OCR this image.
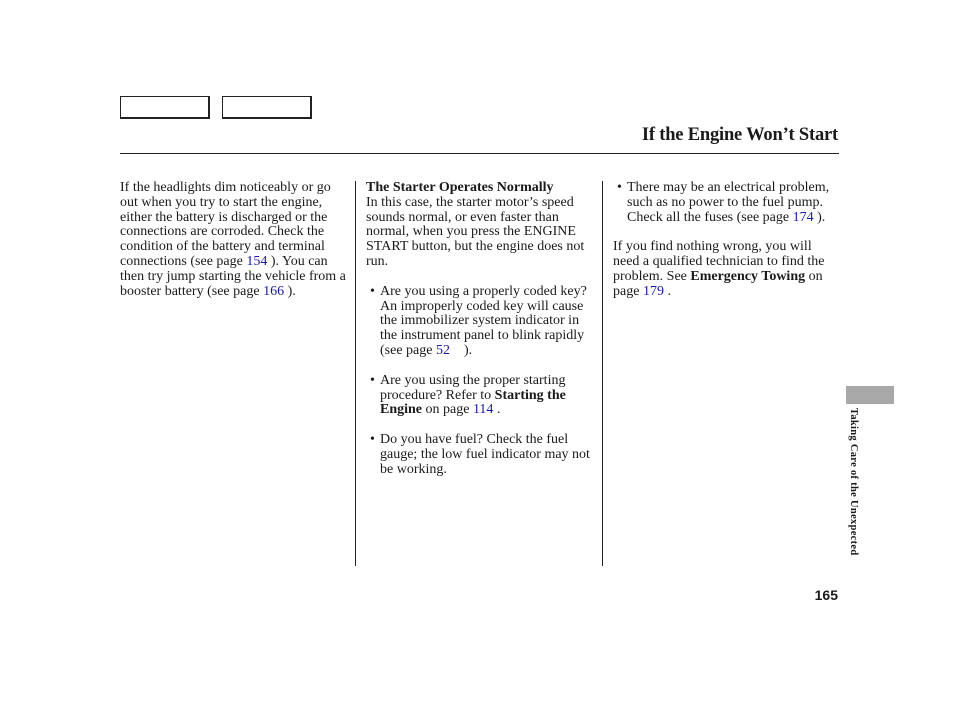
If the Engine Won’t Start

If the headlights dim noticeably or go out when you try to start the engine, either the battery is discharged or the connections are corroded. Check the condition of the battery and terminal connections (see page 154 ). You can then try jump starting the vehicle from a booster battery (see page 166 ).

The Starter Operates Normally

In this case, the starter motor’s speed sounds normal, or even faster than normal, when you press the ENGINE START button, but the engine does not run.

• Are you using a properly coded key? An improperly coded key will cause the immobilizer system indicator in the instrument panel to blink rapidly (see page 52    ).

• Are you using the proper starting procedure? Refer to Starting the Engine on page 114 .

• Do you have fuel? Check the fuel gauge; the low fuel indicator may not be working.

• There may be an electrical problem, such as no power to the fuel pump. Check all the fuses (see page 174 ).

If you find nothing wrong, you will need a qualified technician to find the problem. See Emergency Towing on page 179 .

Taking Care of the Unexpected
165
